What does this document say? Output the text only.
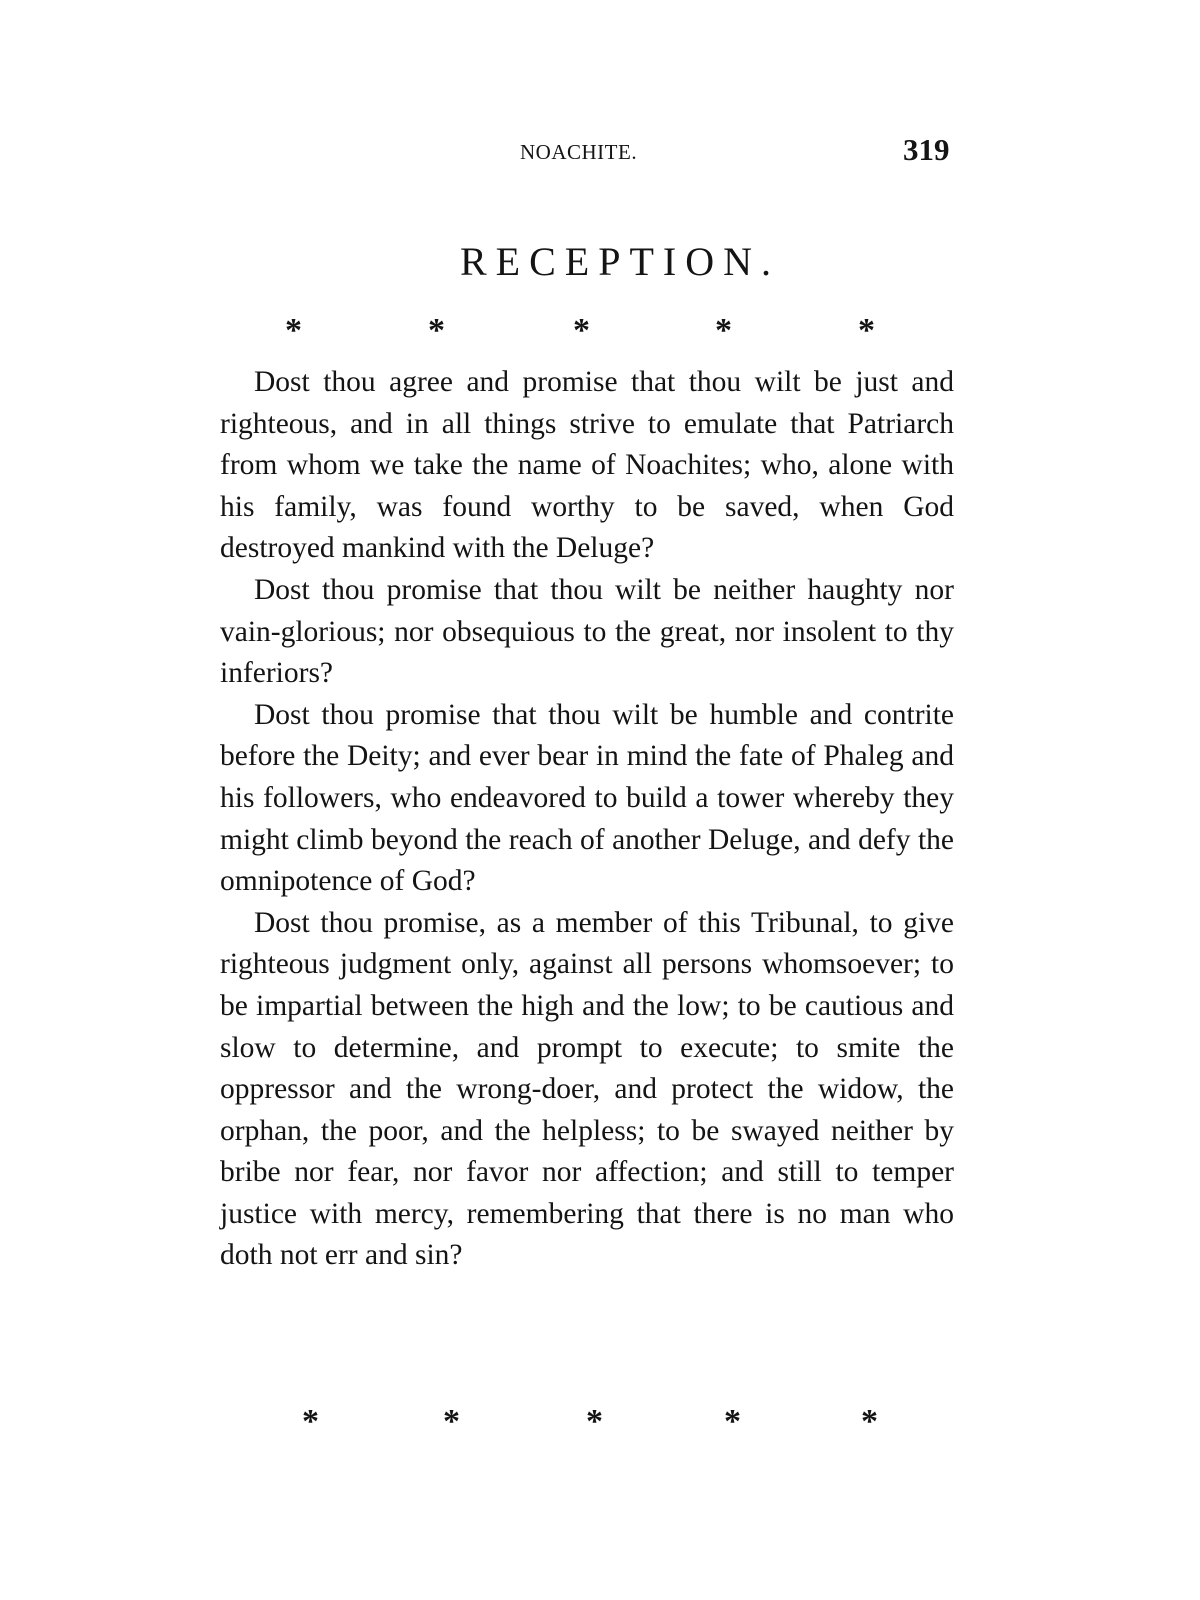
NOACHITE.	319
RECEPTION.
*	*	*	*	*

Dost thou agree and promise that thou wilt be just and righteous, and in all things strive to emulate that Patriarch from whom we take the name of Noachites; who, alone with his family, was found worthy to be saved, when God destroyed mankind with the Deluge?

Dost thou promise that thou wilt be neither haughty nor vain-glorious; nor obsequious to the great, nor insolent to thy inferiors?

Dost thou promise that thou wilt be humble and contrite before the Deity; and ever bear in mind the fate of Phaleg and his followers, who endeavored to build a tower whereby they might climb beyond the reach of another Deluge, and defy the omnipotence of God?

Dost thou promise, as a member of this Tribunal, to give righteous judgment only, against all persons whomsoever; to be impartial between the high and the low; to be cautious and slow to determine, and prompt to execute; to smite the oppressor and the wrong-doer, and protect the widow, the orphan, the poor, and the helpless; to be swayed neither by bribe nor fear, nor favor nor affection; and still to temper justice with mercy, remembering that there is no man who doth not err and sin?

*	*	*	*	*
